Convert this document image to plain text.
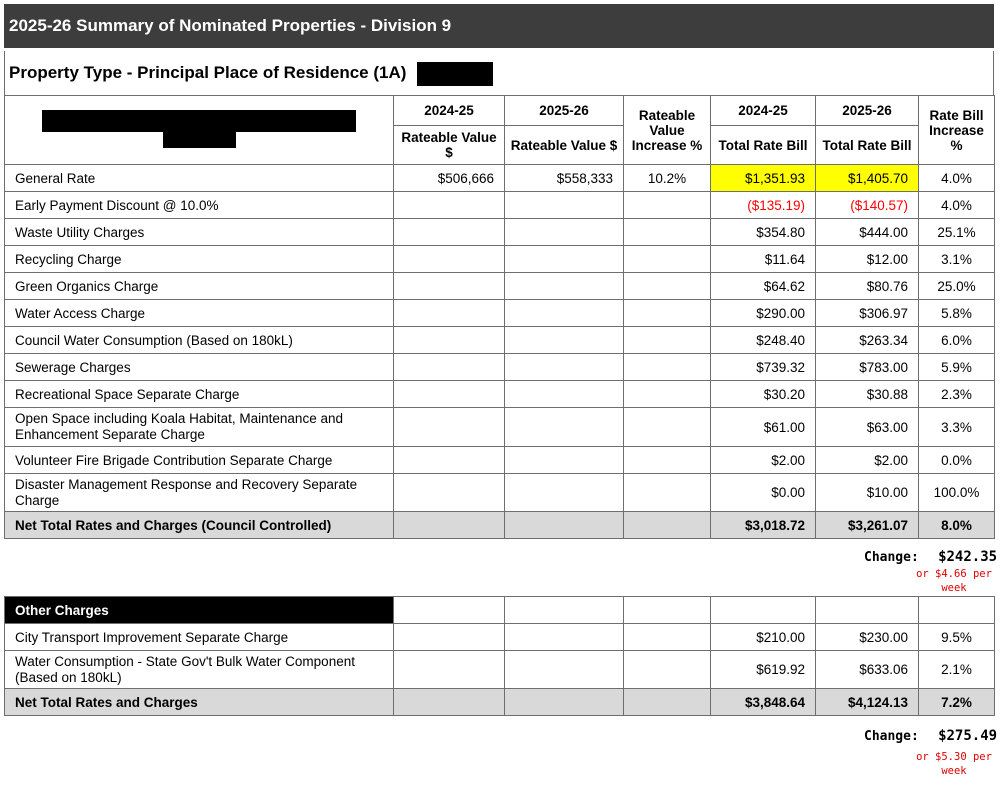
2025-26 Summary of Nominated Properties - Division 9
Property Type - Principal Place of Residence (1A)
	2024-25	2025-26	Rateable Value Increase %	2024-25	2025-26	Rate Bill Increase %
	Rateable Value $	Rateable Value $		Total Rate Bill	Total Rate Bill	
General Rate	$506,666	$558,333	10.2%	$1,351.93	$1,405.70	4.0%
Early Payment Discount @ 10.0%				($135.19)	($140.57)	4.0%
Waste Utility Charges				$354.80	$444.00	25.1%
Recycling Charge				$11.64	$12.00	3.1%
Green Organics Charge				$64.62	$80.76	25.0%
Water Access Charge				$290.00	$306.97	5.8%
Council Water Consumption (Based on 180kL)				$248.40	$263.34	6.0%
Sewerage Charges				$739.32	$783.00	5.9%
Recreational Space Separate Charge				$30.20	$30.88	2.3%
Open Space including Koala Habitat, Maintenance and Enhancement Separate Charge				$61.00	$63.00	3.3%
Volunteer Fire Brigade Contribution Separate Charge				$2.00	$2.00	0.0%
Disaster Management Response and Recovery Separate Charge				$0.00	$10.00	100.0%
Net Total Rates and Charges (Council Controlled)				$3,018.72	$3,261.07	8.0%
Change: $242.35
or $4.66 per
week
Other Charges						
City Transport Improvement Separate Charge				$210.00	$230.00	9.5%
Water Consumption - State Gov't Bulk Water Component (Based on 180kL)				$619.92	$633.06	2.1%
Net Total Rates and Charges				$3,848.64	$4,124.13	7.2%
Change: $275.49
or $5.30 per
week
